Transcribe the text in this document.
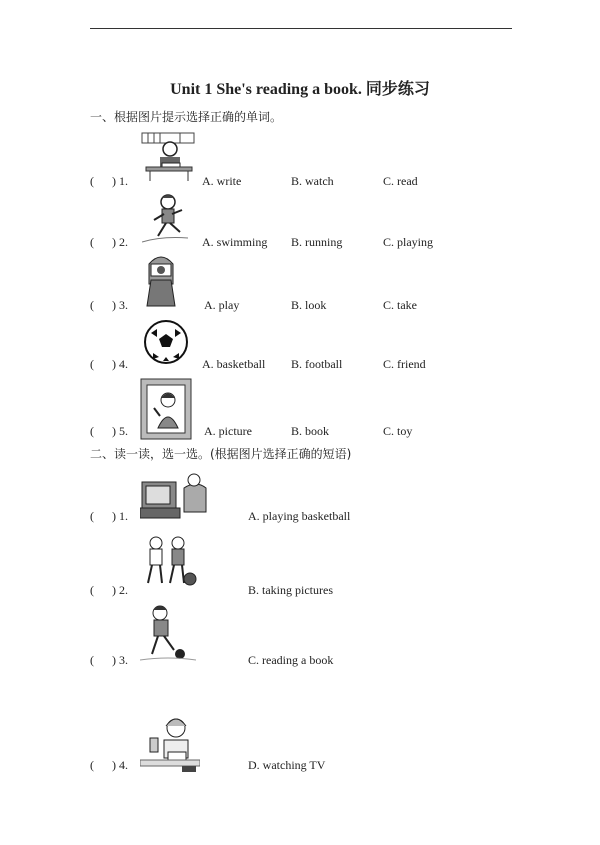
Unit 1 She's reading a book. 同步练习
一、根据图片提示选择正确的单词。
(      ) 1.	A. write	B. watch	C. read
(      ) 2.	A. swimming B. running	C. playing
(      ) 3.	A. play	B. look	C. take
(      ) 4.	A. basketball B. football	C. friend
(      ) 5.	A. picture	B. book	C. toy
二、读一读，选一选。(根据图片选择正确的短语)
(      ) 1.	A. playing basketball
(      ) 2.	B. taking pictures
(      ) 3.	C. reading a book
(      ) 4.	D. watching TV
